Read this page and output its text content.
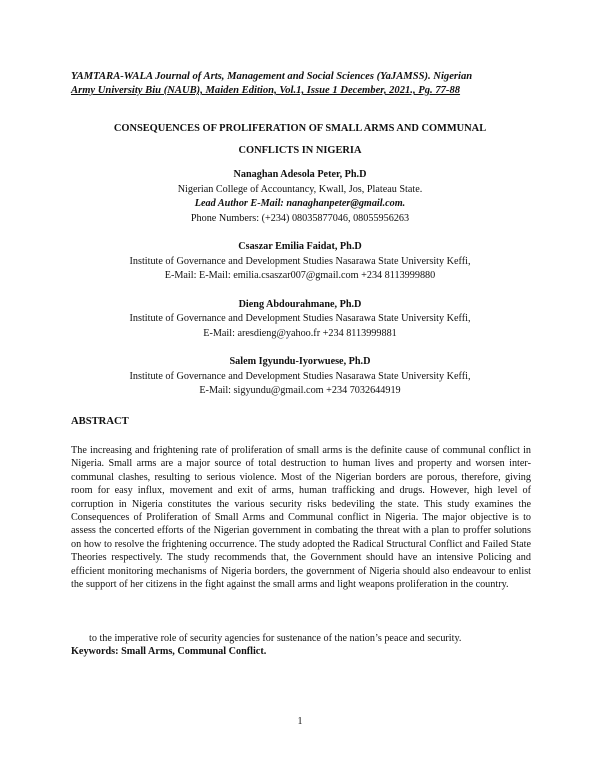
YAMTARA-WALA Journal of Arts, Management and Social Sciences (YaJAMSS). Nigerian
Army University Biu (NAUB), Maiden Edition, Vol.1, Issue 1 December, 2021., Pg. 77-88
CONSEQUENCES OF PROLIFERATION OF SMALL ARMS AND COMMUNAL
CONFLICTS IN NIGERIA
Nanaghan Adesola Peter, Ph.D
Nigerian College of Accountancy, Kwall, Jos, Plateau State.
Lead Author E-Mail: nanaghanpeter@gmail.com.
Phone Numbers: (+234) 08035877046, 08055956263
Csaszar Emilia Faidat, Ph.D
Institute of Governance and Development Studies Nasarawa State University Keffi,
E-Mail: E-Mail: emilia.csaszar007@gmail.com +234 8113999880
Dieng Abdourahmane, Ph.D
Institute of Governance and Development Studies Nasarawa State University Keffi,
E-Mail: aresdieng@yahoo.fr +234 8113999881
Salem Igyundu-Iyorwuese, Ph.D
Institute of Governance and Development Studies Nasarawa State University Keffi,
E-Mail: sigyundu@gmail.com +234 7032644919
ABSTRACT
The increasing and frightening rate of proliferation of small arms is the definite cause of communal conflict in Nigeria. Small arms are a major source of total destruction to human lives and property and worsen inter-communal clashes, resulting to serious violence. Most of the Nigerian borders are porous, therefore, giving room for easy influx, movement and exit of arms, human trafficking and drugs. However, high level of corruption in Nigeria constitutes the various security risks bedeviling the state. This study examines the Consequences of Proliferation of Small Arms and Communal conflict in Nigeria. The major objective is to assess the concerted efforts of the Nigerian government in combating the threat with a plan to proffer solutions on how to resolve the frightening occurrence. The study adopted the Radical Structural Conflict and Failed State Theories respectively. The study recommends that, the Government should have an intensive Policing and efficient monitoring mechanisms of Nigeria borders, the government of Nigeria should also endeavour to enlist the support of her citizens in the fight against the small arms and light weapons proliferation in the country.
to the imperative role of security agencies for sustenance of the nation’s peace and security.
Keywords: Small Arms, Communal Conflict.
1
